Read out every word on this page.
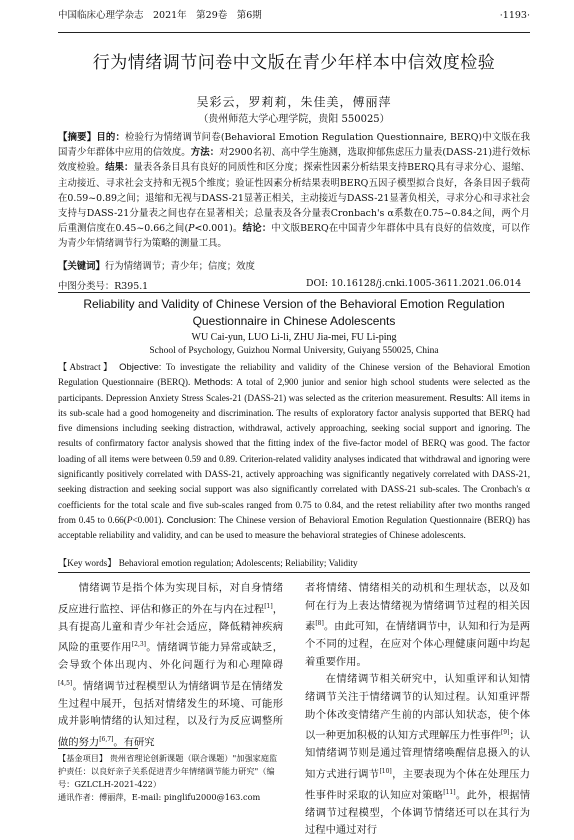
中国临床心理学杂志　2021年　第29卷　第6期	·1193·
行为情绪调节问卷中文版在青少年样本中信效度检验
吴彩云，罗莉莉，朱佳美，傅丽萍
（贵州师范大学心理学院，贵阳 550025）
【摘要】目的：检验行为情绪调节问卷(Behavioral Emotion Regulation Questionnaire, BERQ)中文版在我国青少年群体中应用的信效度。方法：对2900名初、高中学生施测，选取抑郁焦虑压力量表(DASS-21)进行效标效度检验。结果：量表各条目具有良好的同质性和区分度；探索性因素分析结果支持BERQ具有寻求分心、退缩、主动接近、寻求社会支持和无视5个维度；验证性因素分析结果表明BERQ五因子模型拟合良好，各条目因子载荷在0.59~0.89之间；退缩和无视与DASS-21显著正相关，主动接近与DASS-21显著负相关，寻求分心和寻求社会支持与DASS-21分量表之间也存在显著相关；总量表及各分量表Cronbach's α系数在0.75~0.84之间，两个月后重测信度在0.45~0.66之间(P<0.001)。结论：中文版BERQ在中国青少年群体中具有良好的信效度，可以作为青少年情绪调节行为策略的测量工具。
【关键词】行为情绪调节；青少年；信度；效度
中图分类号：R395.1	DOI: 10.16128/j.cnki.1005-3611.2021.06.014
Reliability and Validity of Chinese Version of the Behavioral Emotion Regulation Questionnaire in Chinese Adolescents
WU Cai-yun, LUO Li-li, ZHU Jia-mei, FU Li-ping
School of Psychology, Guizhou Normal University, Guiyang 550025, China
【Abstract】 Objective: To investigate the reliability and validity of the Chinese version of the Behavioral Emotion Regulation Questionnaire (BERQ). Methods: A total of 2,900 junior and senior high school students were selected as the participants. Depression Anxiety Stress Scales-21 (DASS-21) was selected as the criterion measurement. Results: All items in its sub-scale had a good homogeneity and discrimination. The results of exploratory factor analysis supported that BERQ had five dimensions including seeking distraction, withdrawal, actively approaching, seeking social support and ignoring. The results of confirmatory factor analysis showed that the fitting index of the five-factor model of BERQ was good. The factor loading of all items were between 0.59 and 0.89. Criterion-related validity analyses indicated that withdrawal and ignoring were significantly positively correlated with DASS-21, actively approaching was significantly negatively correlated with DASS-21, seeking distraction and seeking social support was also significantly correlated with DASS-21 sub-scales. The Cronbach's α coefficients for the total scale and five sub-scales ranged from 0.75 to 0.84, and the retest reliability after two months ranged from 0.45 to 0.66(P<0.001). Conclusion: The Chinese version of Behavioral Emotion Regulation Questionnaire (BERQ) has acceptable reliability and validity, and can be used to measure the behavioral strategies of Chinese adolescents.
【Key words】 Behavioral emotion regulation; Adolescents; Reliability; Validity

情绪调节是指个体为实现目标，对自身情绪反应进行监控、评估和修正的外在与内在过程[1]，具有提高儿童和青少年社会适应，降低精神疾病风险的重要作用[2,3]。情绪调节能力异常或缺乏，会导致个体出现内、外化问题行为和心理障碍[4,5]。情绪调节过程模型认为情绪调节是在情绪发生过程中展开，包括对情绪发生的环境、可能形成并影响情绪的认知过程，以及行为反应调整所做的努力[6,7]。有研究

者将情绪、情绪相关的动机和生理状态，以及如何在行为上表达情绪视为情绪调节过程的相关因素[8]。由此可知，在情绪调节中，认知和行为是两个不同的过程，在应对个体心理健康问题中均起着重要作用。

在情绪调节相关研究中，认知重评和认知情绪调节关注于情绪调节的认知过程。认知重评帮助个体改变情绪产生前的内部认知状态，使个体以一种更加积极的认知方式理解压力性事件[9]；认知情绪调节则是通过管理情绪唤醒信息摄入的认知方式进行调节[10]，主要表现为个体在处理压力性事件时采取的认知应对策略[11]。此外，根据情绪调节过程模型，个体调节情绪还可以在其行为过程中通过对行

【基金项目】 贵州省理论创新课题（联合课题）"加强家庭监护责任：以良好亲子关系促进青少年情绪调节能力研究"（编号：GZLCLH-2021-422）
通讯作者：傅丽萍，E-mail: pinglifu2000@163.com
